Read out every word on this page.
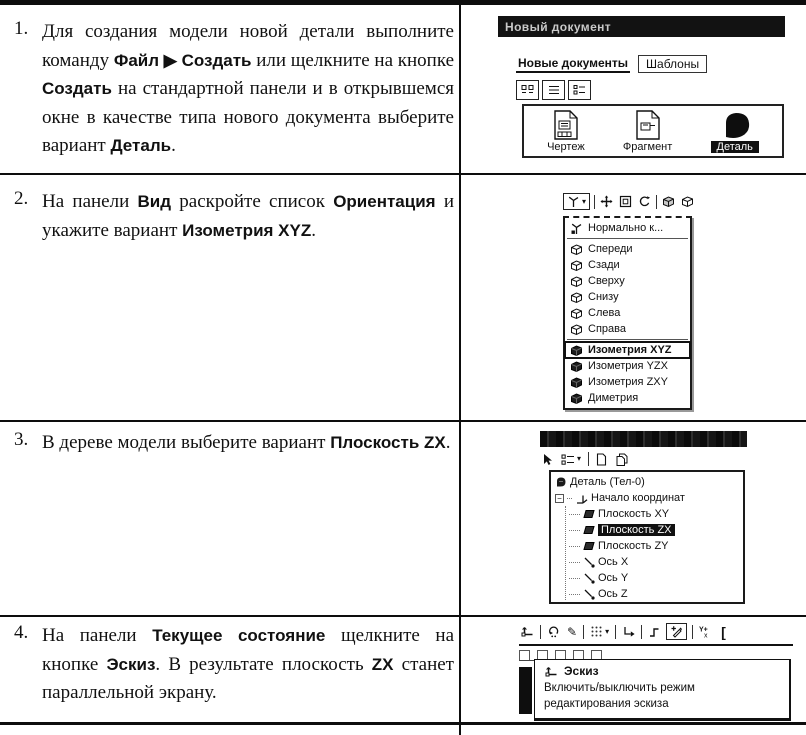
1. Для создания модели новой детали выполните команду Файл ▶ Создать или щелкните на кнопке Создать на стандартной панели и в открывшемся окне в качестве типа нового документа выберите вариант Деталь.
2. На панели Вид раскройте список Ориентация и укажите вариант Изометрия XYZ.
3. В дереве модели выберите вариант Плоскость ZX.
4. На панели Текущее состояние щелкните на кнопке Эскиз. В результате плоскость ZX станет параллельной экрану.
Новый документ
Новые документы	Шаблоны
Чертеж	Фрагмент	Деталь
▾
Нормально к...
Спереди
Сзади
Сверху
Снизу
Слева
Справа
Изометрия XYZ
Изометрия YZX
Изометрия ZXY
Диметрия
▾
Деталь (Тел-0)
−	Начало координат
Плоскость XY
Плоскость ZX
Плоскость ZY
Ось X
Ось Y
Ось Z
✎	▾	Y+
x [
Эскиз
Включить/выключить режим редактирования эскиза
